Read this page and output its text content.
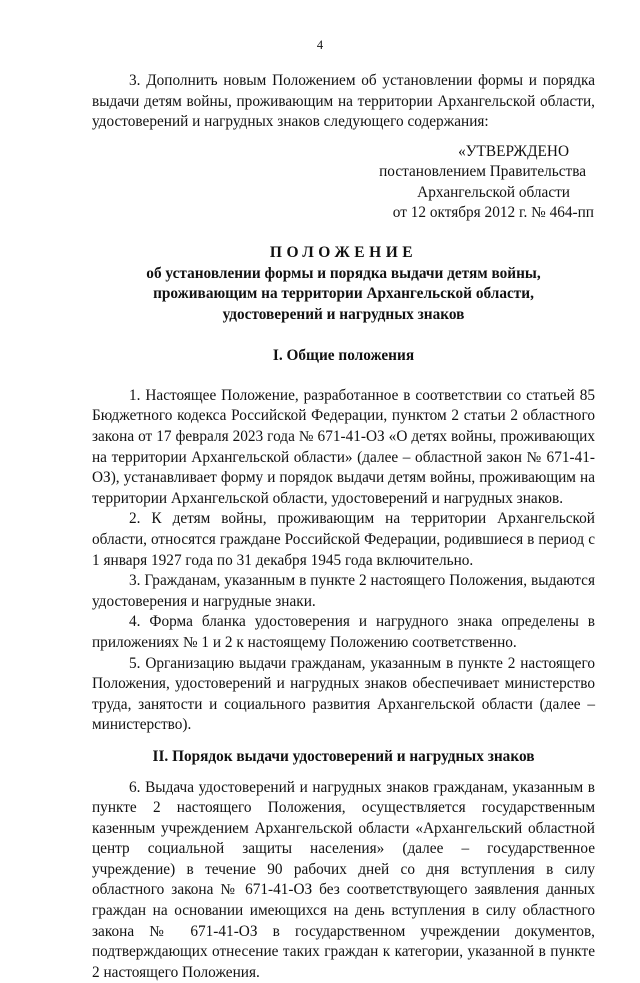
4

3. Дополнить новым Положением об установлении формы и порядка выдачи детям войны, проживающим на территории Архангельской области, удостоверений и нагрудных знаков следующего содержания:

«УТВЕРЖДЕНО
постановлением Правительства
Архангельской области
от 12 октября 2012 г. № 464-пп
ПОЛОЖЕНИЕ
об установлении формы и порядка выдачи детям войны,
проживающим на территории Архангельской области,
удостоверений и нагрудных знаков
I. Общие положения

1. Настоящее Положение, разработанное в соответствии со статьей 85 Бюджетного кодекса Российской Федерации, пунктом 2 статьи 2 областного закона от 17 февраля 2023 года № 671-41-ОЗ «О детях войны, проживающих на территории Архангельской области» (далее – областной закон № 671-41-ОЗ), устанавливает форму и порядок выдачи детям войны, проживающим на территории Архангельской области, удостоверений и нагрудных знаков.

2. К детям войны, проживающим на территории Архангельской области, относятся граждане Российской Федерации, родившиеся в период с 1 января 1927 года по 31 декабря 1945 года включительно.

3. Гражданам, указанным в пункте 2 настоящего Положения, выдаются удостоверения и нагрудные знаки.

4. Форма бланка удостоверения и нагрудного знака определены в приложениях № 1 и 2 к настоящему Положению соответственно.

5. Организацию выдачи гражданам, указанным в пункте 2 настоящего Положения, удостоверений и нагрудных знаков обеспечивает министерство труда, занятости и социального развития Архангельской области (далее – министерство).

II. Порядок выдачи удостоверений и нагрудных знаков

6. Выдача удостоверений и нагрудных знаков гражданам, указанным в пункте 2 настоящего Положения, осуществляется государственным казенным учреждением Архангельской области «Архангельский областной центр социальной защиты населения» (далее – государственное учреждение) в течение 90 рабочих дней со дня вступления в силу областного закона № 671-41-ОЗ без соответствующего заявления данных граждан на основании имеющихся на день вступления в силу областного закона № 671-41-ОЗ в государственном учреждении документов, подтверждающих отнесение таких граждан к категории, указанной в пункте 2 настоящего Положения.
